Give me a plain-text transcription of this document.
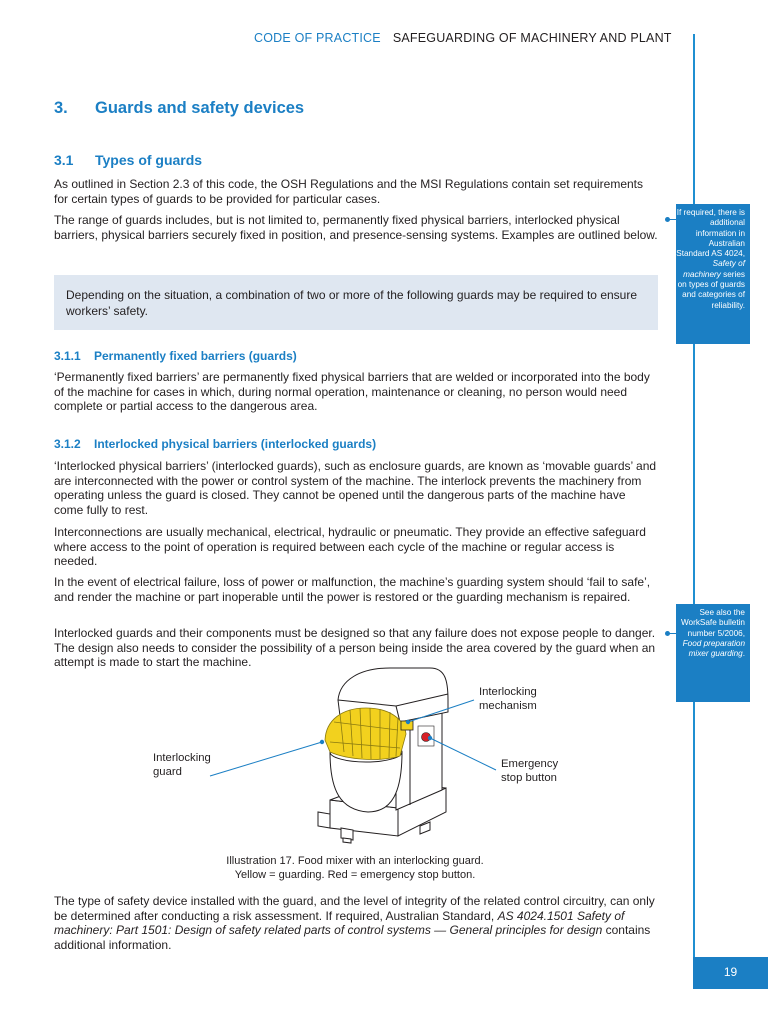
CODE OF PRACTICE SAFEGUARDING OF MACHINERY AND PLANT
3. Guards and safety devices
3.1 Types of guards
As outlined in Section 2.3 of this code, the OSH Regulations and the MSI Regulations contain set requirements for certain types of guards to be provided for particular cases.
The range of guards includes, but is not limited to, permanently fixed physical barriers, interlocked physical barriers, physical barriers securely fixed in position, and presence-sensing systems. Examples are outlined below.
Depending on the situation, a combination of two or more of the following guards may be required to ensure workers’ safety.
3.1.1 Permanently fixed barriers (guards)
‘Permanently fixed barriers’ are permanently fixed physical barriers that are welded or incorporated into the body of the machine for cases in which, during normal operation, maintenance or cleaning, no person would need complete or partial access to the dangerous area.
3.1.2 Interlocked physical barriers (interlocked guards)
‘Interlocked physical barriers’ (interlocked guards), such as enclosure guards, are known as ‘movable guards’ and are interconnected with the power or control system of the machine. The interlock prevents the machinery from operating unless the guard is closed. They cannot be opened until the dangerous parts of the machine have come fully to rest.
Interconnections are usually mechanical, electrical, hydraulic or pneumatic. They provide an effective safeguard where access to the point of operation is required between each cycle of the machine or regular access is needed.
In the event of electrical failure, loss of power or malfunction, the machine’s guarding system should ‘fail to safe’, and render the machine or part inoperable until the power is restored or the guarding mechanism is repaired.
Interlocked guards and their components must be designed so that any failure does not expose people to danger. The design also needs to consider the possibility of a person being inside the area covered by the guard when an attempt is made to start the machine.
If required, there is additional information in Australian Standard AS 4024, Safety of machinery series on types of guards and categories of reliability.
See also the WorkSafe bulletin number 5/2006, Food preparation mixer guarding.
Interlocking
mechanism
Interlocking
guard
Emergency
stop button
Illustration 17. Food mixer with an interlocking guard.
Yellow = guarding. Red = emergency stop button.
The type of safety device installed with the guard, and the level of integrity of the related control circuitry, can only be determined after conducting a risk assessment. If required, Australian Standard, AS 4024.1501 Safety of machinery: Part 1501: Design of safety related parts of control systems — General principles for design contains additional information.
19
